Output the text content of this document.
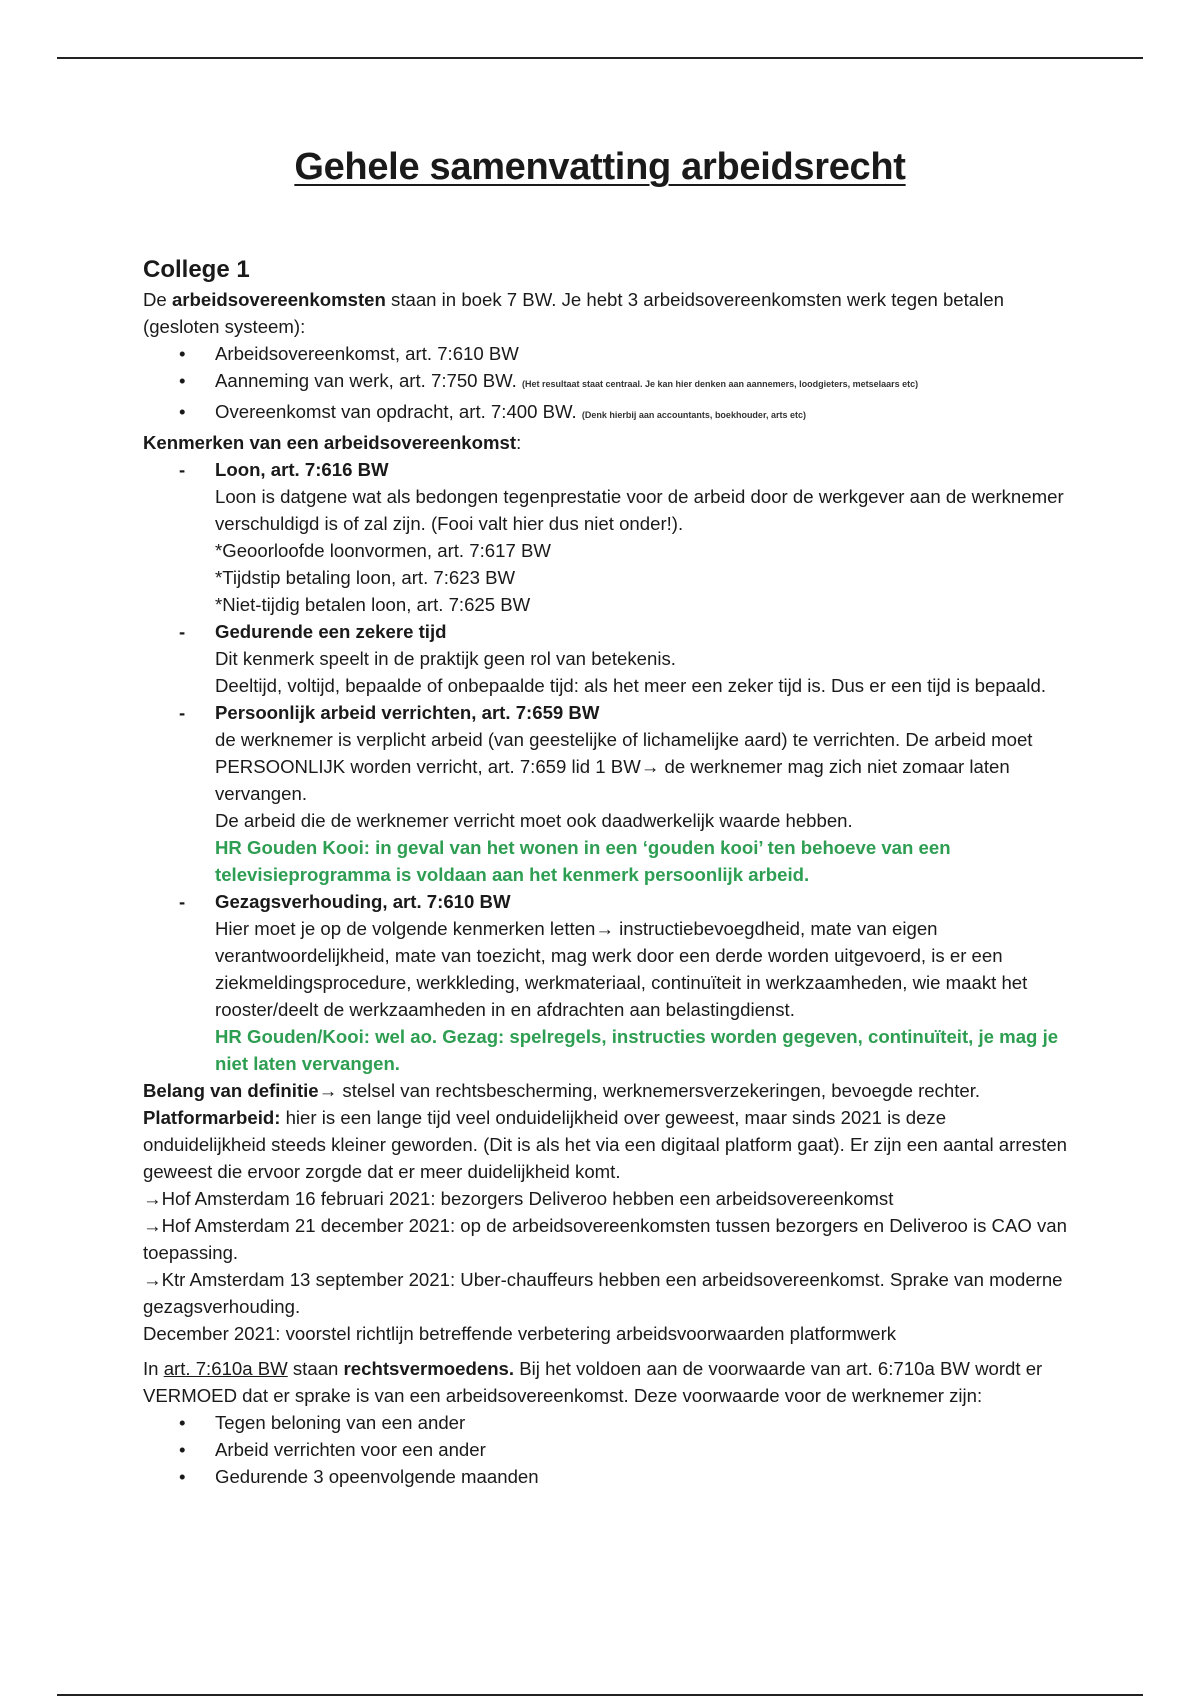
Gehele samenvatting arbeidsrecht
College 1

De arbeidsovereenkomsten staan in boek 7 BW. Je hebt 3 arbeidsovereenkomsten werk tegen betalen (gesloten systeem):

• Arbeidsovereenkomst, art. 7:610 BW
• Aanneming van werk, art. 7:750 BW. (Het resultaat staat centraal. Je kan hier denken aan aannemers, loodgieters, metselaars etc)
• Overeenkomst van opdracht, art. 7:400 BW. (Denk hierbij aan accountants, boekhouder, arts etc)

Kenmerken van een arbeidsovereenkomst:

- Loon, art. 7:616 BW
Loon is datgene wat als bedongen tegenprestatie voor de arbeid door de werkgever aan de werknemer verschuldigd is of zal zijn. (Fooi valt hier dus niet onder!).
*Geoorloofde loonvormen, art. 7:617 BW
*Tijdstip betaling loon, art. 7:623 BW
*Niet-tijdig betalen loon, art. 7:625 BW
- Gedurende een zekere tijd
Dit kenmerk speelt in de praktijk geen rol van betekenis.
Deeltijd, voltijd, bepaalde of onbepaalde tijd: als het meer een zeker tijd is. Dus er een tijd is bepaald.
- Persoonlijk arbeid verrichten, art. 7:659 BW
de werknemer is verplicht arbeid (van geestelijke of lichamelijke aard) te verrichten. De arbeid moet PERSOONLIJK worden verricht, art. 7:659 lid 1 BW→ de werknemer mag zich niet zomaar laten vervangen.
De arbeid die de werknemer verricht moet ook daadwerkelijk waarde hebben.
HR Gouden Kooi: in geval van het wonen in een ‘gouden kooi’ ten behoeve van een televisieprogramma is voldaan aan het kenmerk persoonlijk arbeid.
- Gezagsverhouding, art. 7:610 BW
Hier moet je op de volgende kenmerken letten→ instructiebevoegdheid, mate van eigen verantwoordelijkheid, mate van toezicht, mag werk door een derde worden uitgevoerd, is er een ziekmeldingsprocedure, werkkleding, werkmateriaal, continuïteit in werkzaamheden, wie maakt het rooster/deelt de werkzaamheden in en afdrachten aan belastingdienst.
HR Gouden/Kooi: wel ao. Gezag: spelregels, instructies worden gegeven, continuïteit, je mag je niet laten vervangen.

Belang van definitie→ stelsel van rechtsbescherming, werknemersverzekeringen, bevoegde rechter.

Platformarbeid: hier is een lange tijd veel onduidelijkheid over geweest, maar sinds 2021 is deze onduidelijkheid steeds kleiner geworden. (Dit is als het via een digitaal platform gaat). Er zijn een aantal arresten geweest die ervoor zorgde dat er meer duidelijkheid komt.

→Hof Amsterdam 16 februari 2021: bezorgers Deliveroo hebben een arbeidsovereenkomst

→Hof Amsterdam 21 december 2021: op de arbeidsovereenkomsten tussen bezorgers en Deliveroo is CAO van toepassing.

→Ktr Amsterdam 13 september 2021: Uber-chauffeurs hebben een arbeidsovereenkomst. Sprake van moderne gezagsverhouding.

December 2021: voorstel richtlijn betreffende verbetering arbeidsvoorwaarden platformwerk

In art. 7:610a BW staan rechtsvermoedens. Bij het voldoen aan de voorwaarde van art. 6:710a BW wordt er VERMOED dat er sprake is van een arbeidsovereenkomst. Deze voorwaarde voor de werknemer zijn:

• Tegen beloning van een ander
• Arbeid verrichten voor een ander
• Gedurende 3 opeenvolgende maanden
